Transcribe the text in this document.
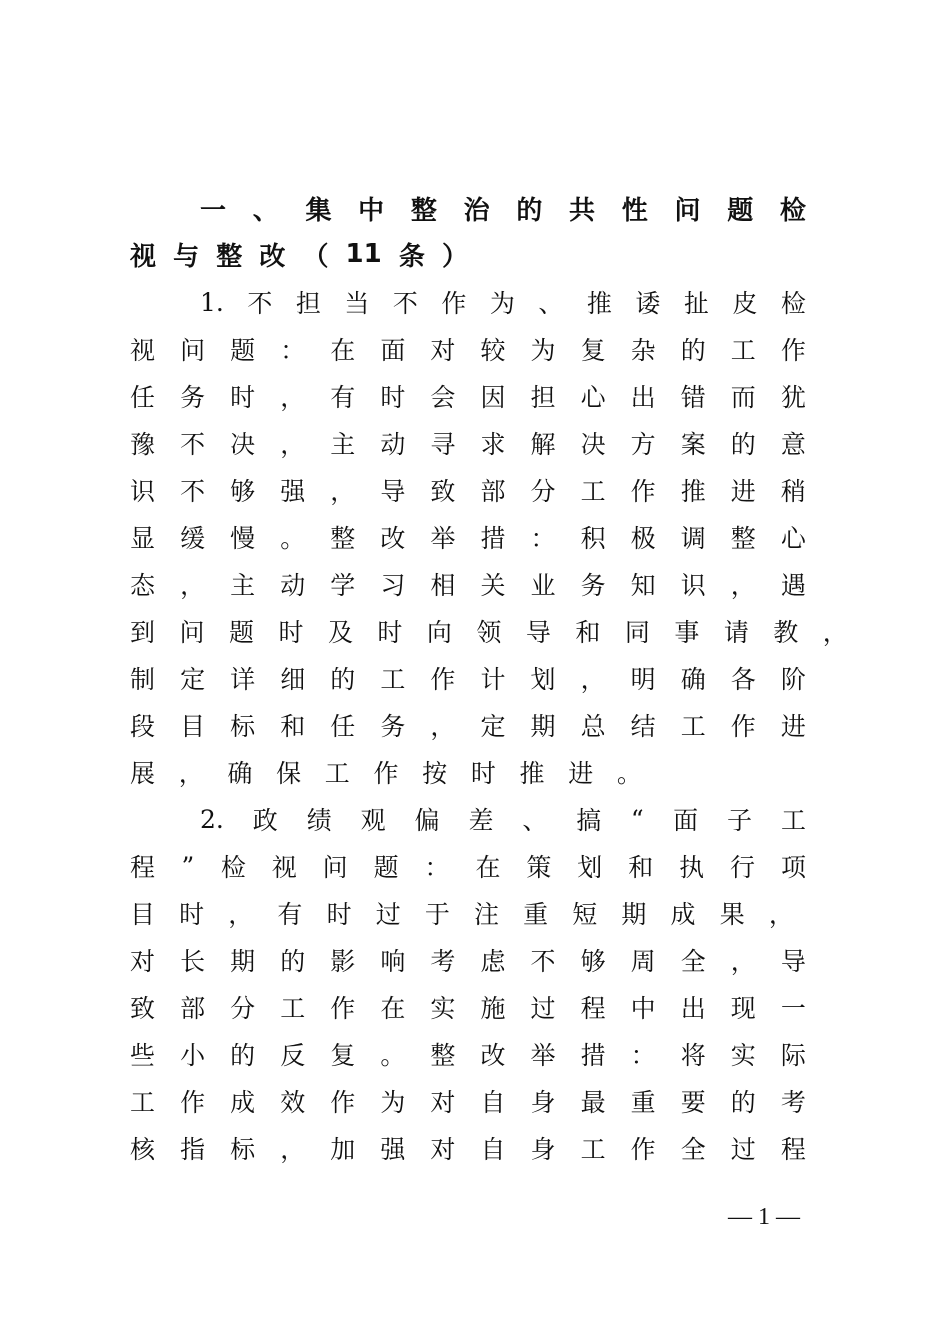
一 、 集 中 整 治 的 共 性 问 题 检
视 与 整 改 （ 11 条 ）
1. 不 担 当 不 作 为 、 推 诿 扯 皮 检
视 问 题 ： 在 面 对 较 为 复 杂 的 工 作
任 务 时 ， 有 时 会 因 担 心 出 错 而 犹
豫 不 决 ， 主 动 寻 求 解 决 方 案 的 意
识 不 够 强 ， 导 致 部 分 工 作 推 进 稍
显 缓 慢 。 整 改 举 措 ： 积 极 调 整 心
态 ， 主 动 学 习 相 关 业 务 知 识 ， 遇
到 问 题 时 及 时 向 领 导 和 同 事 请 教 ，
制 定 详 细 的 工 作 计 划 ， 明 确 各 阶
段 目 标 和 任 务 ， 定 期 总 结 工 作 进
展 ， 确 保 工 作 按 时 推 进 。
2. 政 绩 观 偏 差 、 搞 “ 面 子 工
程 ” 检 视 问 题 ： 在 策 划 和 执 行 项
目 时 ， 有 时 过 于 注 重 短 期 成 果 ，
对 长 期 的 影 响 考 虑 不 够 周 全 ， 导
致 部 分 工 作 在 实 施 过 程 中 出 现 一
些 小 的 反 复 。 整 改 举 措 ： 将 实 际
工 作 成 效 作 为 对 自 身 最 重 要 的 考
核 指 标 ， 加 强 对 自 身 工 作 全 过 程
— 1 —
